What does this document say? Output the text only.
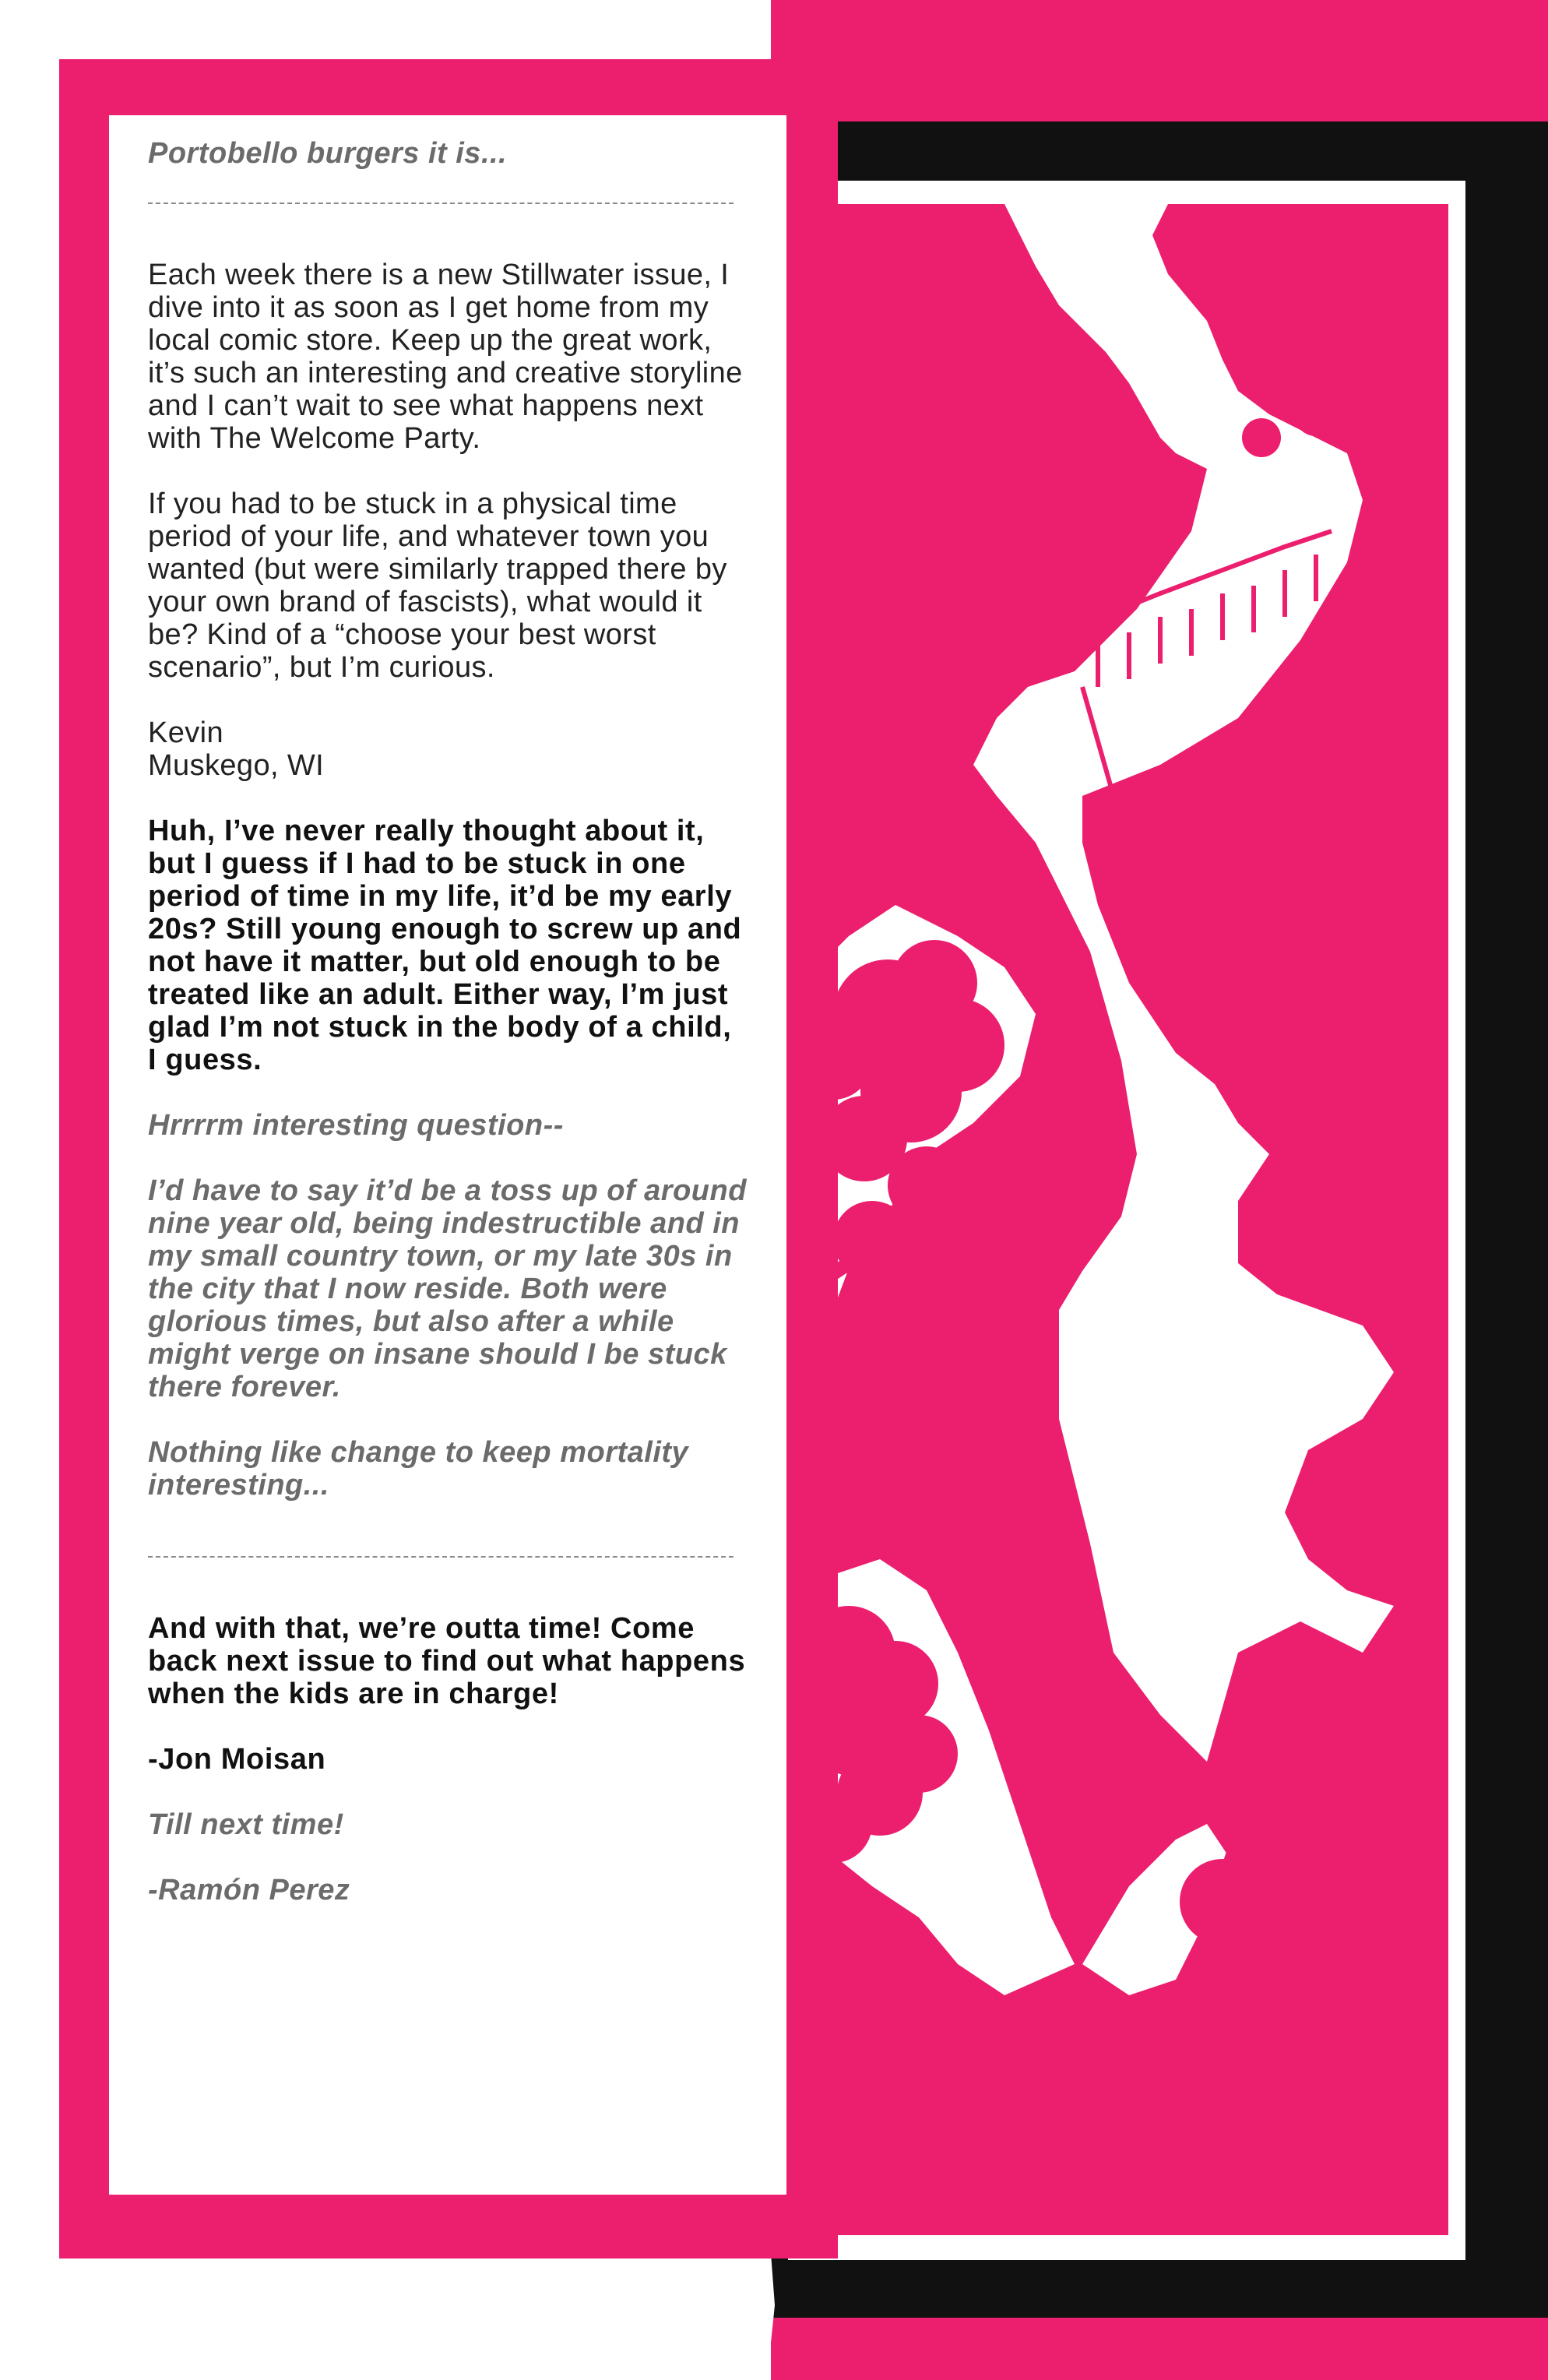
Portobello burgers it is...

Each week there is a new Stillwater issue, I dive into it as soon as I get home from my local comic store. Keep up the great work, it’s such an interesting and creative storyline and I can’t wait to see what happens next with The Welcome Party.

If you had to be stuck in a physical time period of your life, and whatever town you wanted (but were similarly trapped there by your own brand of fascists), what would it be? Kind of a “choose your best worst scenario”, but I’m curious.

Kevin

Muskego, WI

Huh, I’ve never really thought about it, but I guess if I had to be stuck in one period of time in my life, it’d be my early 20s? Still young enough to screw up and not have it matter, but old enough to be treated like an adult. Either way, I’m just glad I’m not stuck in the body of a child, I guess.

Hrrrrm interesting question--

I’d have to say it’d be a toss up of around nine year old, being indestructible and in my small country town, or my late 30s in the city that I now reside. Both were glorious times, but also after a while might verge on insane should I be stuck there forever.

Nothing like change to keep mortality interesting...

And with that, we’re outta time! Come back next issue to find out what happens when the kids are in charge!

-Jon Moisan

Till next time!

-Ramón Perez
